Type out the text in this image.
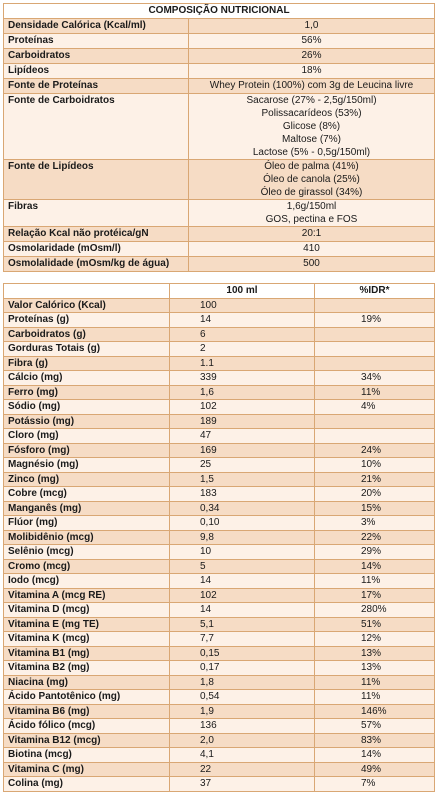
COMPOSIÇÃO NUTRICIONAL	
Densidade Calórica (Kcal/ml)	1,0

Proteínas	56%

Carboidratos	26%

Lipídeos	18%

Fonte de Proteínas	Whey Protein (100%) com 3g de Leucina livre

Fonte de Carboidratos	Sacarose (27% - 2,5g/150ml)
Polissacarídeos (53%)
Glicose (8%)
Maltose (7%)
Lactose (5% - 0,5g/150ml)

Fonte de Lipídeos	Óleo de palma (41%)
Óleo de canola (25%)
Óleo de girassol (34%)

Fibras	1,6g/150ml
GOS, pectina e FOS

Relação Kcal não protéica/gN	20:1

Osmolaridade (mOsm/l)	410

Osmolalidade (mOsm/kg de água)	500
	100 ml	%IDR*
Valor Calórico (Kcal)	100	
Proteínas (g)	14	19%
Carboidratos (g)	6	
Gorduras Totais (g)	2	
Fibra (g)	1.1	
Cálcio (mg)	339	34%
Ferro (mg)	1,6	11%
Sódio (mg)	102	4%
Potássio (mg)	189	
Cloro (mg)	47	
Fósforo (mg)	169	24%
Magnésio (mg)	25	10%
Zinco (mg)	1,5	21%
Cobre (mcg)	183	20%
Manganês (mg)	0,34	15%
Flúor (mg)	0,10	3%
Molibidênio (mcg)	9,8	22%
Selênio (mcg)	10	29%
Cromo (mcg)	5	14%
Iodo (mcg)	14	11%
Vitamina A (mcg RE)	102	17%
Vitamina D (mcg)	14	280%
Vitamina E (mg TE)	5,1	51%
Vitamina K (mcg)	7,7	12%
Vitamina B1 (mg)	0,15	13%
Vitamina B2 (mg)	0,17	13%
Niacina (mg)	1,8	11%
Ácido Pantotênico (mg)	0,54	11%
Vitamina B6 (mg)	1,9	146%
Ácido fólico (mcg)	136	57%
Vitamina B12 (mcg)	2,0	83%
Biotina (mcg)	4,1	14%
Vitamina C (mg)	22	49%
Colina (mg)	37	7%
